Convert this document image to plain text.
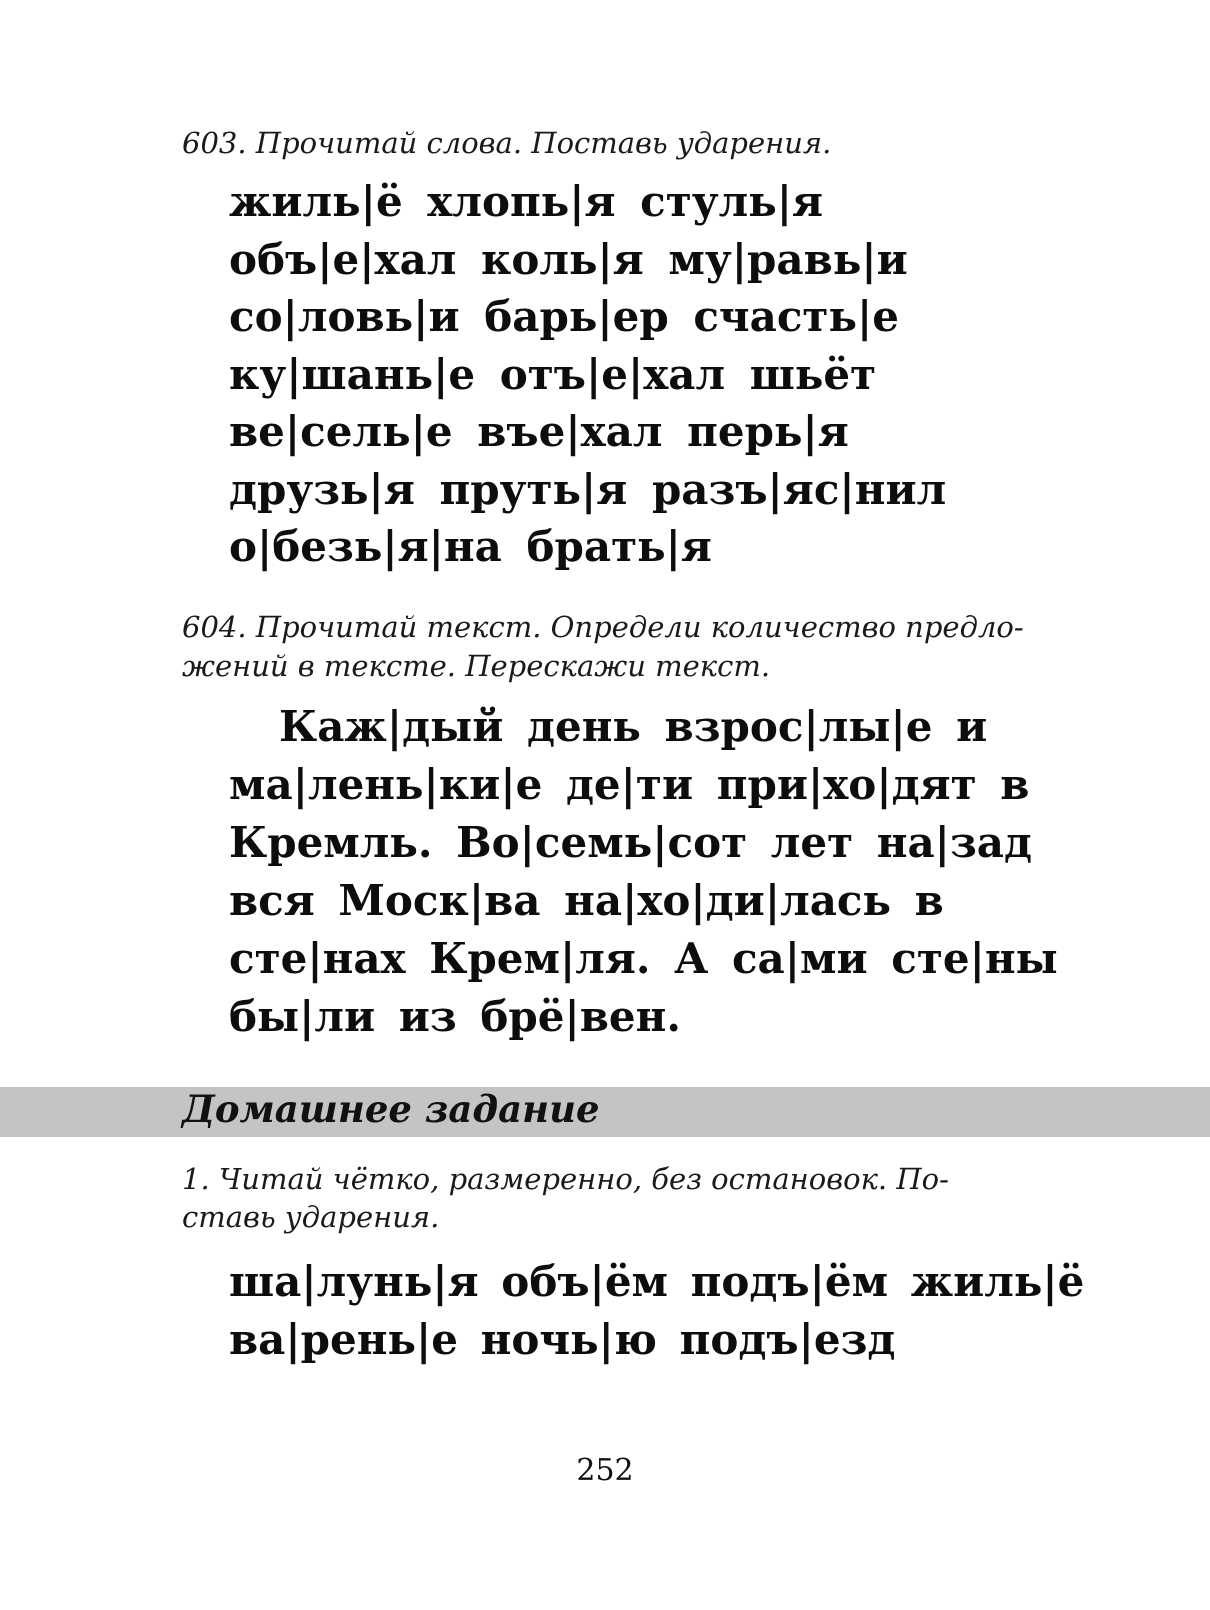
603. Прочитай слова. Поставь ударения.
жиль|ё хлопь|я стуль|я
объ|е|хал коль|я му|равь|и
со|ловь|и барь|ер счасть|е
ку|шань|е отъ|е|хал шьёт
ве|сель|е въе|хал перь|я
друзь|я пруть|я разъ|яс|нил
о|безь|я|на брать|я
604. Прочитай текст. Определи количество предло-
жений в тексте. Перескажи текст.
Каж|дый день взрос|лы|е и
ма|лень|ки|е де|ти при|хо|дят в
Кремль. Во|семь|сот лет на|зад
вся Моск|ва на|хо|ди|лась в
сте|нах Крем|ля. А са|ми сте|ны
бы|ли из брё|вен.
Домашнее задание
1. Читай чётко, размеренно, без остановок. По-
ставь ударения.
ша|лунь|я объ|ём подъ|ём жиль|ё
ва|рень|е ночь|ю подъ|езд
252
